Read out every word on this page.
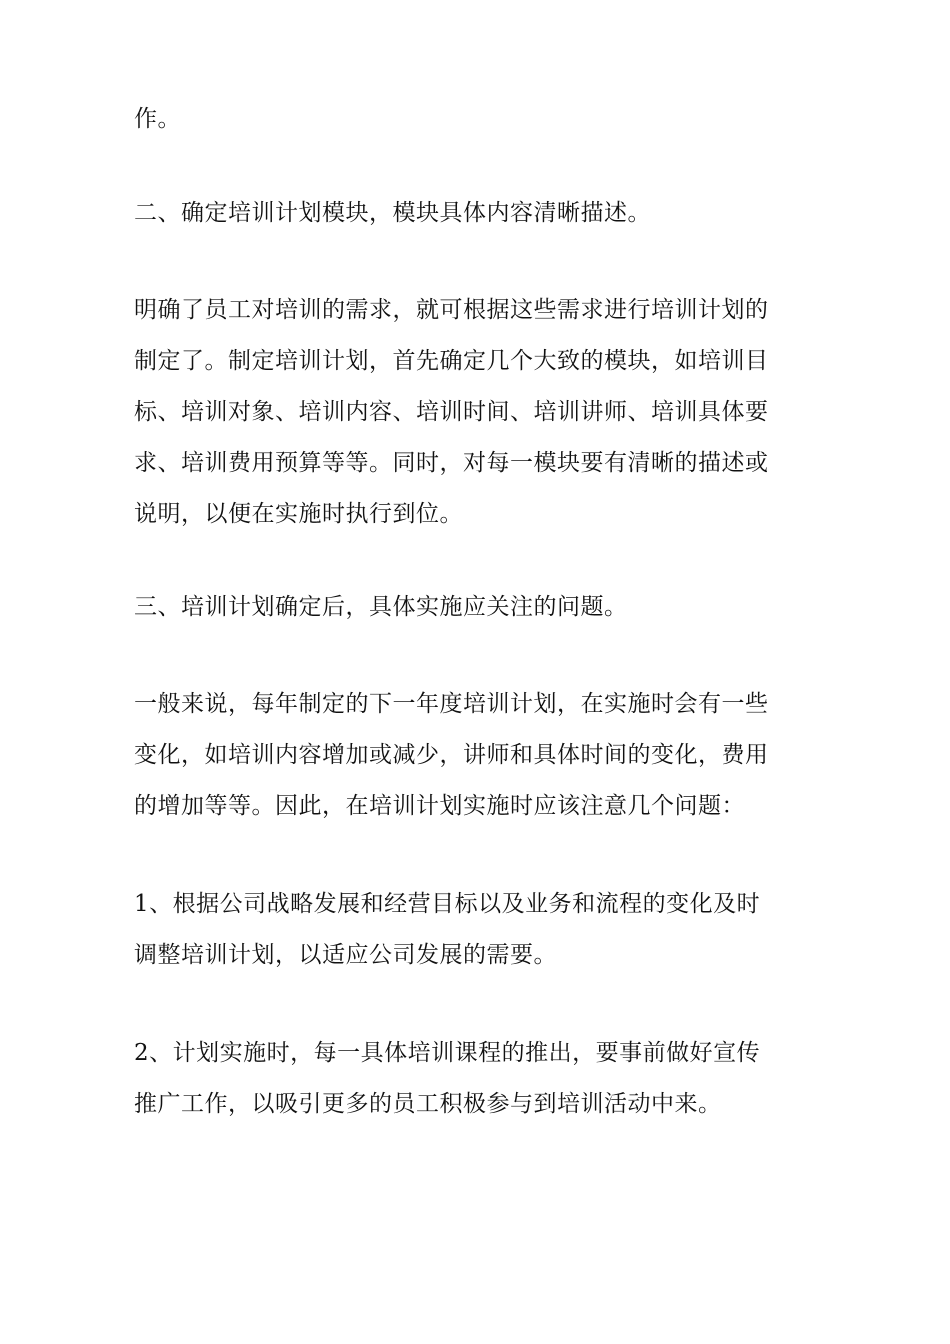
作。

二、确定培训计划模块，模块具体内容清晰描述。

明确了员工对培训的需求，就可根据这些需求进行培训计划的
制定了。制定培训计划，首先确定几个大致的模块，如培训目
标、培训对象、培训内容、培训时间、培训讲师、培训具体要
求、培训费用预算等等。同时，对每一模块要有清晰的描述或
说明，以便在实施时执行到位。

三、培训计划确定后，具体实施应关注的问题。

一般来说，每年制定的下一年度培训计划，在实施时会有一些
变化，如培训内容增加或减少，讲师和具体时间的变化，费用
的增加等等。因此，在培训计划实施时应该注意几个问题：

1、根据公司战略发展和经营目标以及业务和流程的变化及时
调整培训计划，以适应公司发展的需要。

2、计划实施时，每一具体培训课程的推出，要事前做好宣传
推广工作，以吸引更多的员工积极参与到培训活动中来。
